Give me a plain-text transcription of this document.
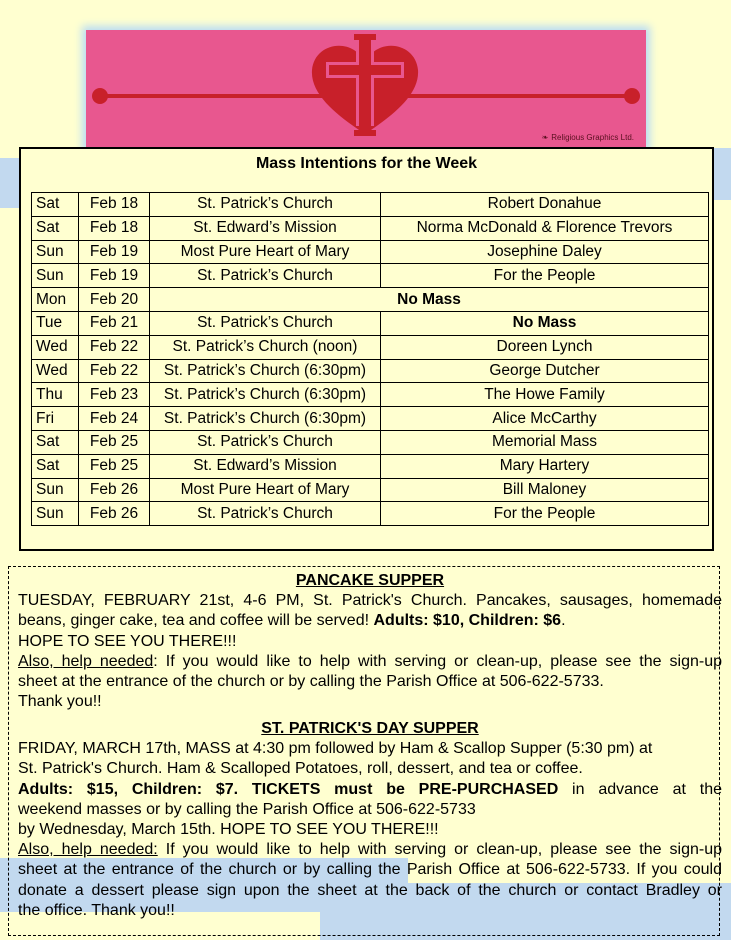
❧ Religious Graphics Ltd.
Mass Intentions for the Week
Sat	Feb 18	St. Patrick’s Church	Robert Donahue
Sat	Feb 18	St. Edward’s Mission	Norma McDonald & Florence Trevors
Sun	Feb 19	Most Pure Heart of Mary	Josephine Daley
Sun	Feb 19	St. Patrick’s Church	For the People
Mon	Feb 20	No Mass	
Tue	Feb 21	St. Patrick’s Church	No Mass
Wed	Feb 22	St. Patrick’s Church (noon)	Doreen Lynch
Wed	Feb 22	St. Patrick’s Church (6:30pm)	George Dutcher
Thu	Feb 23	St. Patrick’s Church (6:30pm)	The Howe Family
Fri	Feb 24	St. Patrick’s Church (6:30pm)	Alice McCarthy
Sat	Feb 25	St. Patrick’s Church	Memorial Mass
Sat	Feb 25	St. Edward’s Mission	Mary Hartery
Sun	Feb 26	Most Pure Heart of Mary	Bill Maloney
Sun	Feb 26	St. Patrick’s Church	For the People
PANCAKE SUPPER
TUESDAY, FEBRUARY 21st, 4-6 PM, St. Patrick's Church. Pancakes, sausages, homemade
beans, ginger cake, tea and coffee will be served! Adults: $10, Children: $6.
HOPE TO SEE YOU THERE!!!
Also, help needed: If you would like to help with serving or clean-up, please see the sign-up
sheet at the entrance of the church or by calling the Parish Office at 506-622-5733.
Thank you!!
ST. PATRICK'S DAY SUPPER
FRIDAY, MARCH 17th, MASS at 4:30 pm followed by Ham & Scallop Supper (5:30 pm) at
St. Patrick's Church. Ham & Scalloped Potatoes, roll, dessert, and tea or coffee.
Adults: $15, Children: $7. TICKETS must be PRE-PURCHASED in advance at the
weekend masses or by calling the Parish Office at 506-622-5733
by Wednesday, March 15th. HOPE TO SEE YOU THERE!!!
Also, help needed: If you would like to help with serving or clean-up, please see the sign-up
sheet at the entrance of the church or by calling the Parish Office at 506-622-5733. If you could
donate a dessert please sign upon the sheet at the back of the church or contact Bradley or
the office. Thank you!!
